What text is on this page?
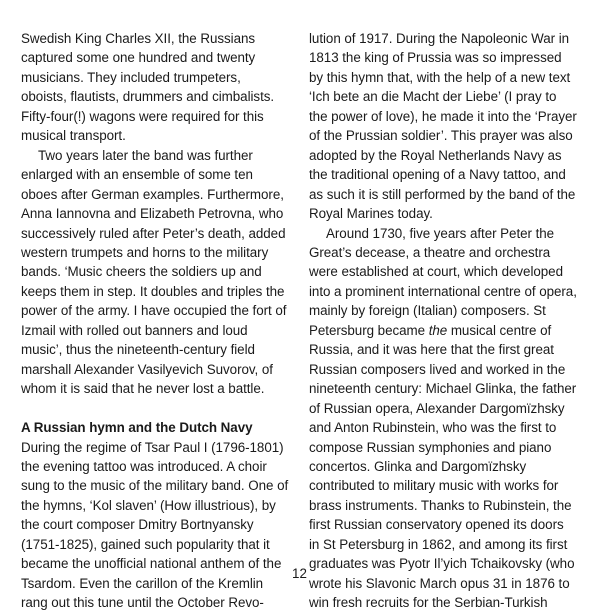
Swedish King Charles XII, the Russians captured some one hundred and twenty musicians. They included trumpeters, oboists, flautists, drummers and cimbalists. Fifty-four(!) wagons were required for this musical transport.

Two years later the band was further enlarged with an ensemble of some ten oboes after German examples. Furthermore, Anna Iannovna and Elizabeth Petrovna, who successively ruled after Peter’s death, added western trumpets and horns to the military bands. ‘Music cheers the soldiers up and keeps them in step. It doubles and triples the power of the army. I have occupied the fort of Izmail with rolled out banners and loud music’, thus the nineteenth-century field marshall Alexander Vasilyevich Suvorov, of whom it is said that he never lost a battle.

A Russian hymn and the Dutch Navy

During the regime of Tsar Paul I (1796-1801) the evening tattoo was introduced. A choir sung to the music of the military band. One of the hymns, ‘Kol slaven’ (How illustrious), by the court composer Dmitry Bortnyansky (1751-1825), gained such popularity that it became the unofficial national anthem of the Tsardom. Even the carillon of the Kremlin rang out this tune until the October Revo-

lution of 1917. During the Napoleonic War in 1813 the king of Prussia was so impressed by this hymn that, with the help of a new text ‘Ich bete an die Macht der Liebe’ (I pray to the power of love), he made it into the ‘Prayer of the Prussian soldier’. This prayer was also adopted by the Royal Netherlands Navy as the traditional opening of a Navy tattoo, and as such it is still performed by the band of the Royal Marines today.

Around 1730, five years after Peter the Great’s decease, a theatre and orchestra were established at court, which developed into a prominent international centre of opera, mainly by foreign (Italian) composers. St Petersburg became the musical centre of Russia, and it was here that the first great Russian composers lived and worked in the nineteenth century: Michael Glinka, the father of Russian opera, Alexander Dargomïzhsky and Anton Rubinstein, who was the first to compose Russian symphonies and piano concertos. Glinka and Dargomïzhsky contributed to military music with works for brass instruments. Thanks to Rubinstein, the first Russian conservatory opened its doors in St Petersburg in 1862, and among its first graduates was Pyotr Il’yich Tchaikovsky (who wrote his Slavonic March opus 31 in 1876 to win fresh recruits for the Serbian-Turkish

12
